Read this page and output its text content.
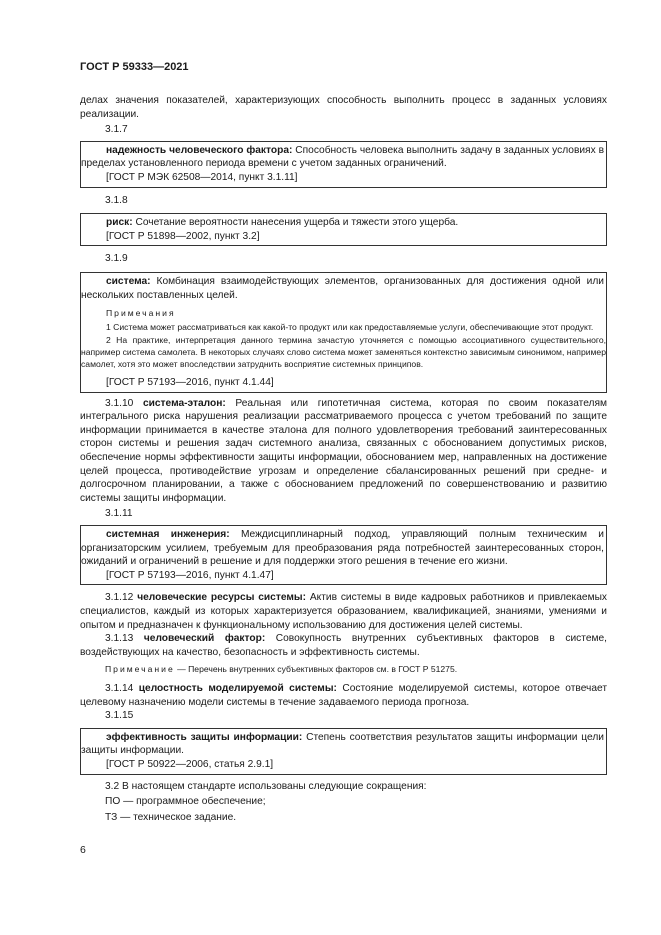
ГОСТ Р 59333—2021

делах значения показателей, характеризующих способность выполнить процесс в заданных условиях реализации.

3.1.7

надежность человеческого фактора: Способность человека выполнить задачу в заданных условиях в пределах установленного периода времени с учетом заданных ограничений.

[ГОСТ Р МЭК 62508—2014, пункт 3.1.11]

3.1.8

риск: Сочетание вероятности нанесения ущерба и тяжести этого ущерба.

[ГОСТ Р 51898—2002, пункт 3.2]

3.1.9

система: Комбинация взаимодействующих элементов, организованных для достижения одной или нескольких поставленных целей.

Примечания

1 Система может рассматриваться как какой-то продукт или как предоставляемые услуги, обеспечивающие этот продукт.

2 На практике, интерпретация данного термина зачастую уточняется с помощью ассоциативного существительного, например система самолета. В некоторых случаях слово система может заменяться контекстно зависимым синонимом, например самолет, хотя это может впоследствии затруднить восприятие системных принципов.

[ГОСТ Р 57193—2016, пункт 4.1.44]

3.1.10 система-эталон: Реальная или гипотетичная система, которая по своим показателям интегрального риска нарушения реализации рассматриваемого процесса с учетом требований по защите информации принимается в качестве эталона для полного удовлетворения требований заинтересованных сторон системы и решения задач системного анализа, связанных с обоснованием допустимых рисков, обеспечение нормы эффективности защиты информации, обоснованием мер, направленных на достижение целей процесса, противодействие угрозам и определение сбалансированных решений при средне- и долгосрочном планировании, а также с обоснованием предложений по совершенствованию и развитию системы защиты информации.

3.1.11

системная инженерия: Междисциплинарный подход, управляющий полным техническим и организаторским усилием, требуемым для преобразования ряда потребностей заинтересованных сторон, ожиданий и ограничений в решение и для поддержки этого решения в течение его жизни.

[ГОСТ Р 57193—2016, пункт 4.1.47]

3.1.12 человеческие ресурсы системы: Актив системы в виде кадровых работников и привлекаемых специалистов, каждый из которых характеризуется образованием, квалификацией, знаниями, умениями и опытом и предназначен к функциональному использованию для достижения целей системы.

3.1.13 человеческий фактор: Совокупность внутренних субъективных факторов в системе, воздействующих на качество, безопасность и эффективность системы.

Примечание — Перечень внутренних субъективных факторов см. в ГОСТ Р 51275.

3.1.14 целостность моделируемой системы: Состояние моделируемой системы, которое отвечает целевому назначению модели системы в течение задаваемого периода прогноза.

3.1.15

эффективность защиты информации: Степень соответствия результатов защиты информации цели защиты информации.

[ГОСТ Р 50922—2006, статья 2.9.1]

3.2 В настоящем стандарте использованы следующие сокращения:

ПО — программное обеспечение;

ТЗ — техническое задание.

6
